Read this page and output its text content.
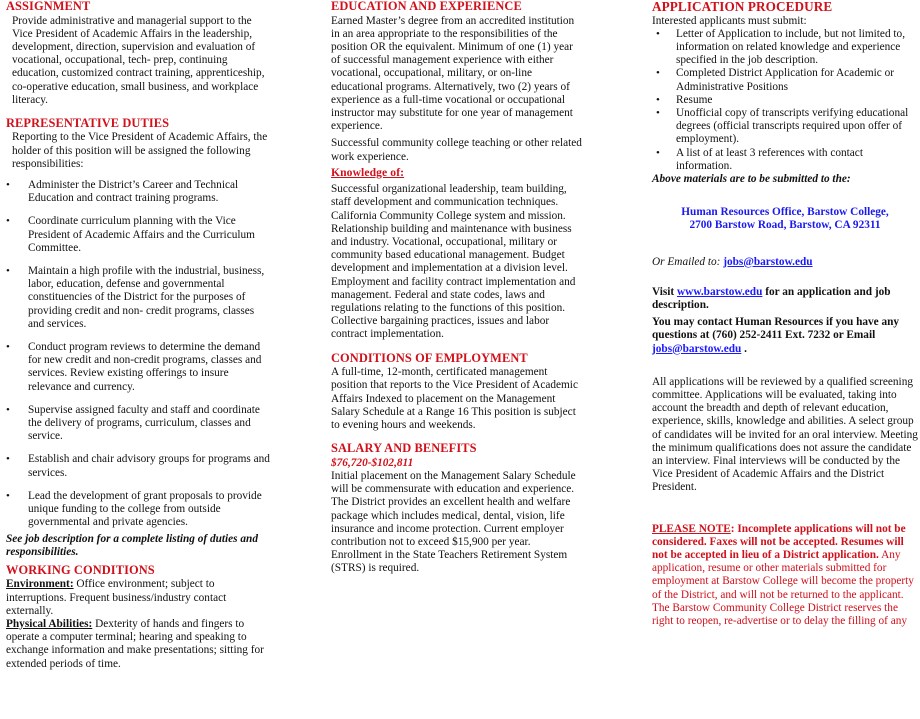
ASSIGNMENT

Provide administrative and managerial support to the Vice President of Academic Affairs in the leadership, development, direction, supervision and evaluation of vocational, occupational, tech- prep, continuing education, customized contract training, apprenticeship, co-operative education, small business, and workplace literacy.

REPRESENTATIVE DUTIES

Reporting to the Vice President of Academic Affairs, the holder of this position will be assigned the following responsibilities:

• Administer the District’s Career and Technical Education and contract training programs.
• Coordinate curriculum planning with the Vice President of Academic Affairs and the Curriculum Committee.
• Maintain a high profile with the industrial, business, labor, education, defense and governmental constituencies of the District for the purposes of providing credit and non- credit programs, classes and services.
• Conduct program reviews to determine the demand for new credit and non-credit programs, classes and services. Review existing offerings to insure relevance and currency.
• Supervise assigned faculty and staff and coordinate the delivery of programs, curriculum, classes and service.
• Establish and chair advisory groups for programs and services.
• Lead the development of grant proposals to provide unique funding to the college from outside governmental and private agencies.

See job description for a complete listing of duties and responsibilities.

WORKING CONDITIONS

Environment: Office environment; subject to interruptions. Frequent business/industry contact externally.

Physical Abilities: Dexterity of hands and fingers to operate a computer terminal; hearing and speaking to exchange information and make presentations; sitting for extended periods of time.

EDUCATION AND EXPERIENCE

Earned Master’s degree from an accredited institution in an area appropriate to the responsibilities of the position OR the equivalent. Minimum of one (1) year of successful management experience with either vocational, occupational, military, or on-line educational programs. Alternatively, two (2) years of experience as a full-time vocational or occupational instructor may substitute for one year of management experience.

Successful community college teaching or other related work experience.

Knowledge of:

Successful organizational leadership, team building, staff development and communication techniques. California Community College system and mission. Relationship building and maintenance with business and industry. Vocational, occupational, military or community based educational management. Budget development and implementation at a division level. Employment and facility contract implementation and management. Federal and state codes, laws and regulations relating to the functions of this position. Collective bargaining practices, issues and labor contract implementation.

CONDITIONS OF EMPLOYMENT

A full-time, 12-month, certificated management position that reports to the Vice President of Academic Affairs Indexed to placement on the Management Salary Schedule at a Range 16 This position is subject to evening hours and weekends.

SALARY AND BENEFITS

$76,720-$102,811

Initial placement on the Management Salary Schedule will be commensurate with education and experience. The District provides an excellent health and welfare package which includes medical, dental, vision, life insurance and income protection. Current employer contribution not to exceed $15,900 per year. Enrollment in the State Teachers Retirement System (STRS) is required.

APPLICATION PROCEDURE

Interested applicants must submit:

• Letter of Application to include, but not limited to, information on related knowledge and experience specified in the job description.
• Completed District Application for Academic or Administrative Positions
• Resume
• Unofficial copy of transcripts verifying educational degrees (official transcripts required upon offer of employment).
• A list of at least 3 references with contact information.

Above materials are to be submitted to the:

Human Resources Office, Barstow College,

2700 Barstow Road, Barstow, CA 92311

Or Emailed to: jobs@barstow.edu

Visit www.barstow.edu for an application and job description.

You may contact Human Resources if you have any questions at (760) 252-2411 Ext. 7232 or Email jobs@barstow.edu .

All applications will be reviewed by a qualified screening committee. Applications will be evaluated, taking into account the breadth and depth of relevant education, experience, skills, knowledge and abilities. A select group of candidates will be invited for an oral interview. Meeting the minimum qualifications does not assure the candidate an interview. Final interviews will be conducted by the Vice President of Academic Affairs and the District President.

PLEASE NOTE: Incomplete applications will not be considered. Faxes will not be accepted. Resumes will not be accepted in lieu of a District application. Any application, resume or other materials submitted for employment at Barstow College will become the property of the District, and will not be returned to the applicant. The Barstow Community College District reserves the right to reopen, re-advertise or to delay the filling of any
